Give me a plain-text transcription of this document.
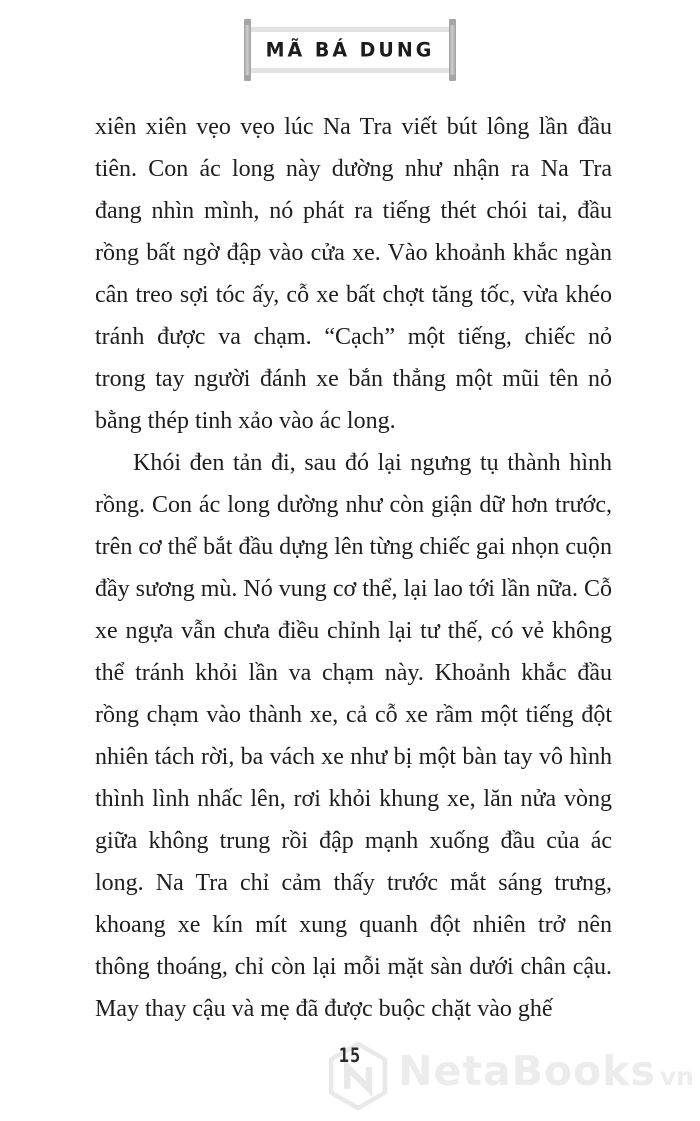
MÃ BÁ DUNG

xiên xiên vẹo vẹo lúc Na Tra viết bút lông lần đầu tiên. Con ác long này dường như nhận ra Na Tra đang nhìn mình, nó phát ra tiếng thét chói tai, đầu rồng bất ngờ đập vào cửa xe. Vào khoảnh khắc ngàn cân treo sợi tóc ấy, cỗ xe bất chợt tăng tốc, vừa khéo tránh được va chạm. “Cạch” một tiếng, chiếc nỏ trong tay người đánh xe bắn thẳng một mũi tên nỏ bằng thép tinh xảo vào ác long.

Khói đen tản đi, sau đó lại ngưng tụ thành hình rồng. Con ác long dường như còn giận dữ hơn trước, trên cơ thể bắt đầu dựng lên từng chiếc gai nhọn cuộn đầy sương mù. Nó vung cơ thể, lại lao tới lần nữa. Cỗ xe ngựa vẫn chưa điều chỉnh lại tư thế, có vẻ không thể tránh khỏi lần va chạm này. Khoảnh khắc đầu rồng chạm vào thành xe, cả cỗ xe rầm một tiếng đột nhiên tách rời, ba vách xe như bị một bàn tay vô hình thình lình nhấc lên, rơi khỏi khung xe, lăn nửa vòng giữa không trung rồi đập mạnh xuống đầu của ác long. Na Tra chỉ cảm thấy trước mắt sáng trưng, khoang xe kín mít xung quanh đột nhiên trở nên thông thoáng, chỉ còn lại mỗi mặt sàn dưới chân cậu. May thay cậu và mẹ đã được buộc chặt vào ghế

15 NetaBooks vn
